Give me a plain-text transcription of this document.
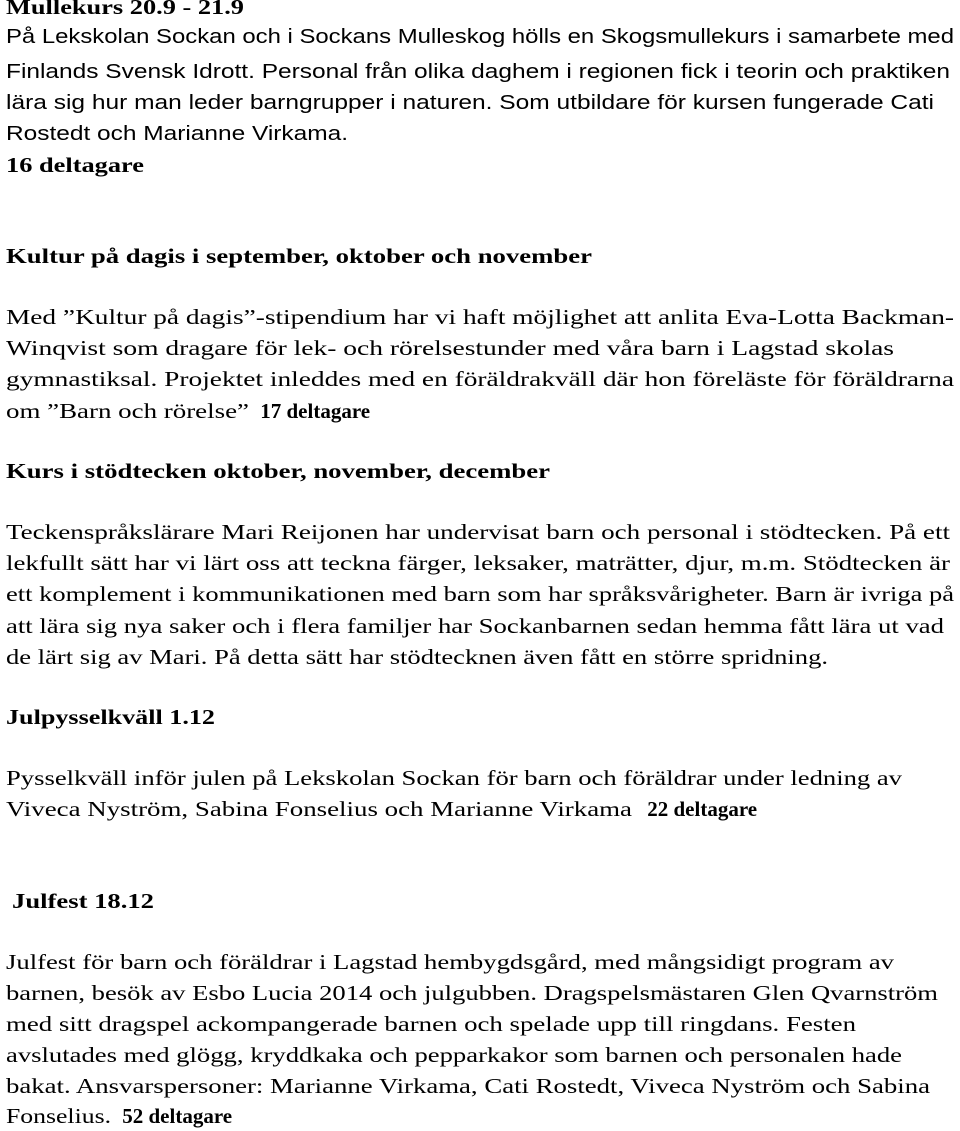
Mullekurs 20.9 - 21.9
På Lekskolan Sockan och i Sockans Mulleskog hölls en Skogsmullekurs i samarbete med
Finlands Svensk Idrott. Personal från olika daghem i regionen fick i teorin och praktiken
lära sig hur man leder barngrupper i naturen. Som utbildare för kursen fungerade Cati
Rostedt och Marianne Virkama.
16 deltagare
Kultur på dagis i september, oktober och november
Med ”Kultur på dagis”-stipendium har vi haft möjlighet att anlita Eva-Lotta Backman-
Winqvist som dragare för lek- och rörelsestunder med våra barn i Lagstad skolas
gymnastiksal. Projektet inleddes med en föräldrakväll där hon föreläste för föräldrarna
om ”Barn och rörelse” 17 deltagare
Kurs i stödtecken oktober, november, december
Teckenspråkslärare Mari Reijonen har undervisat barn och personal i stödtecken. På ett
lekfullt sätt har vi lärt oss att teckna färger, leksaker, maträtter, djur, m.m. Stödtecken är
ett komplement i kommunikationen med barn som har språksvårigheter. Barn är ivriga på
att lära sig nya saker och i flera familjer har Sockanbarnen sedan hemma fått lära ut vad
de lärt sig av Mari. På detta sätt har stödtecknen även fått en större spridning.
Julpysselkväll 1.12
Pysselkväll inför julen på Lekskolan Sockan för barn och föräldrar under ledning av
Viveca Nyström, Sabina Fonselius och Marianne Virkama 22 deltagare
Julfest 18.12
Julfest för barn och föräldrar i Lagstad hembygdsgård, med mångsidigt program av
barnen, besök av Esbo Lucia 2014 och julgubben. Dragspelsmästaren Glen Qvarnström
med sitt dragspel ackompangerade barnen och spelade upp till ringdans. Festen
avslutades med glögg, kryddkaka och pepparkakor som barnen och personalen hade
bakat. Ansvarspersoner: Marianne Virkama, Cati Rostedt, Viveca Nyström och Sabina
Fonselius. 52 deltagare
